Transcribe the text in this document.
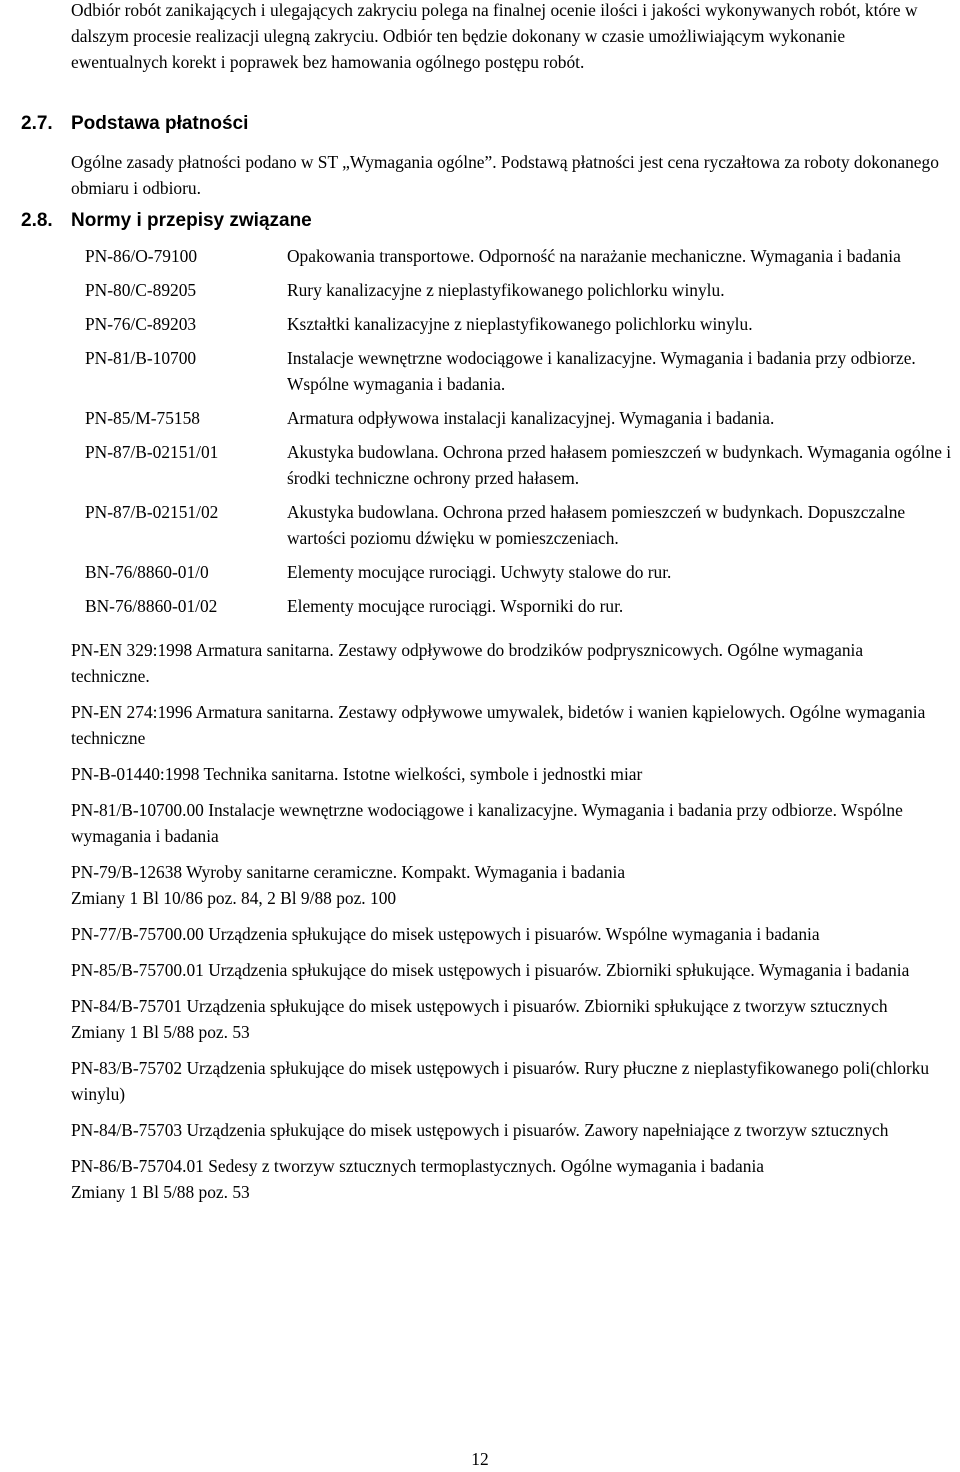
Odbiór robót zanikających i ulegających zakryciu polega na finalnej ocenie ilości i jakości wykonywanych robót, które w dalszym procesie realizacji ulegną zakryciu. Odbiór ten będzie dokonany w czasie umożliwiającym wykonanie ewentualnych korekt i poprawek bez hamowania ogólnego postępu robót.

2.7. Podstawa płatności

Ogólne zasady płatności podano w ST „Wymagania ogólne”. Podstawą płatności jest cena ryczałtowa za roboty dokonanego obmiaru i odbioru.

2.8. Normy i przepisy związane
PN-86/O-79100	Opakowania transportowe. Odporność na narażanie mechaniczne. Wymagania i badania
PN-80/C-89205	Rury kanalizacyjne z nieplastyfikowanego polichlorku winylu.
PN-76/C-89203	Kształtki kanalizacyjne z nieplastyfikowanego polichlorku winylu.
PN-81/B-10700	Instalacje wewnętrzne wodociągowe i kanalizacyjne. Wymagania i badania przy odbiorze. Wspólne wymagania i badania.
PN-85/M-75158	Armatura odpływowa instalacji kanalizacyjnej. Wymagania i badania.
PN-87/B-02151/01	Akustyka budowlana. Ochrona przed hałasem pomieszczeń w budynkach. Wymagania ogólne i środki techniczne ochrony przed hałasem.
PN-87/B-02151/02	Akustyka budowlana. Ochrona przed hałasem pomieszczeń w budynkach. Dopuszczalne wartości poziomu dźwięku w pomieszczeniach.
BN-76/8860-01/0	Elementy mocujące rurociągi. Uchwyty stalowe do rur.
BN-76/8860-01/02	Elementy mocujące rurociągi. Wsporniki do rur.
PN-EN 329:1998 Armatura sanitarna. Zestawy odpływowe do brodzików podpryszniсowych. Ogólne wymagania techniczne.
PN-EN 274:1996 Armatura sanitarna. Zestawy odpływowe umywalek, bidetów i wanien kąpielowych. Ogólne wymagania techniczne
PN-B-01440:1998 Technika sanitarna. Istotne wielkości, symbole i jednostki miar
PN-81/B-10700.00 Instalacje wewnętrzne wodociągowe i kanalizacyjne. Wymagania i badania przy odbiorze. Wspólne wymagania i badania
PN-79/B-12638 Wyroby sanitarne ceramiczne. Kompakt. Wymagania i badania
Zmiany 1 Bl 10/86 poz. 84, 2 Bl 9/88 poz. 100
PN-77/B-75700.00 Urządzenia spłukujące do misek ustępowych i pisuarów. Wspólne wymagania i badania
PN-85/B-75700.01 Urządzenia spłukujące do misek ustępowych i pisuarów. Zbiorniki spłukujące. Wymagania i badania
PN-84/B-75701 Urządzenia spłukujące do misek ustępowych i pisuarów. Zbiorniki spłukujące z tworzyw sztucznych
Zmiany 1 Bl 5/88 poz. 53
PN-83/B-75702 Urządzenia spłukujące do misek ustępowych i pisuarów. Rury płuczne z nieplastyfikowanego poli(chlorku winylu)
PN-84/B-75703 Urządzenia spłukujące do misek ustępowych i pisuarów. Zawory napełniające z tworzyw sztucznych
PN-86/B-75704.01 Sedesy z tworzyw sztucznych termoplastycznych. Ogólne wymagania i badania
Zmiany 1 Bl 5/88 poz. 53
12
